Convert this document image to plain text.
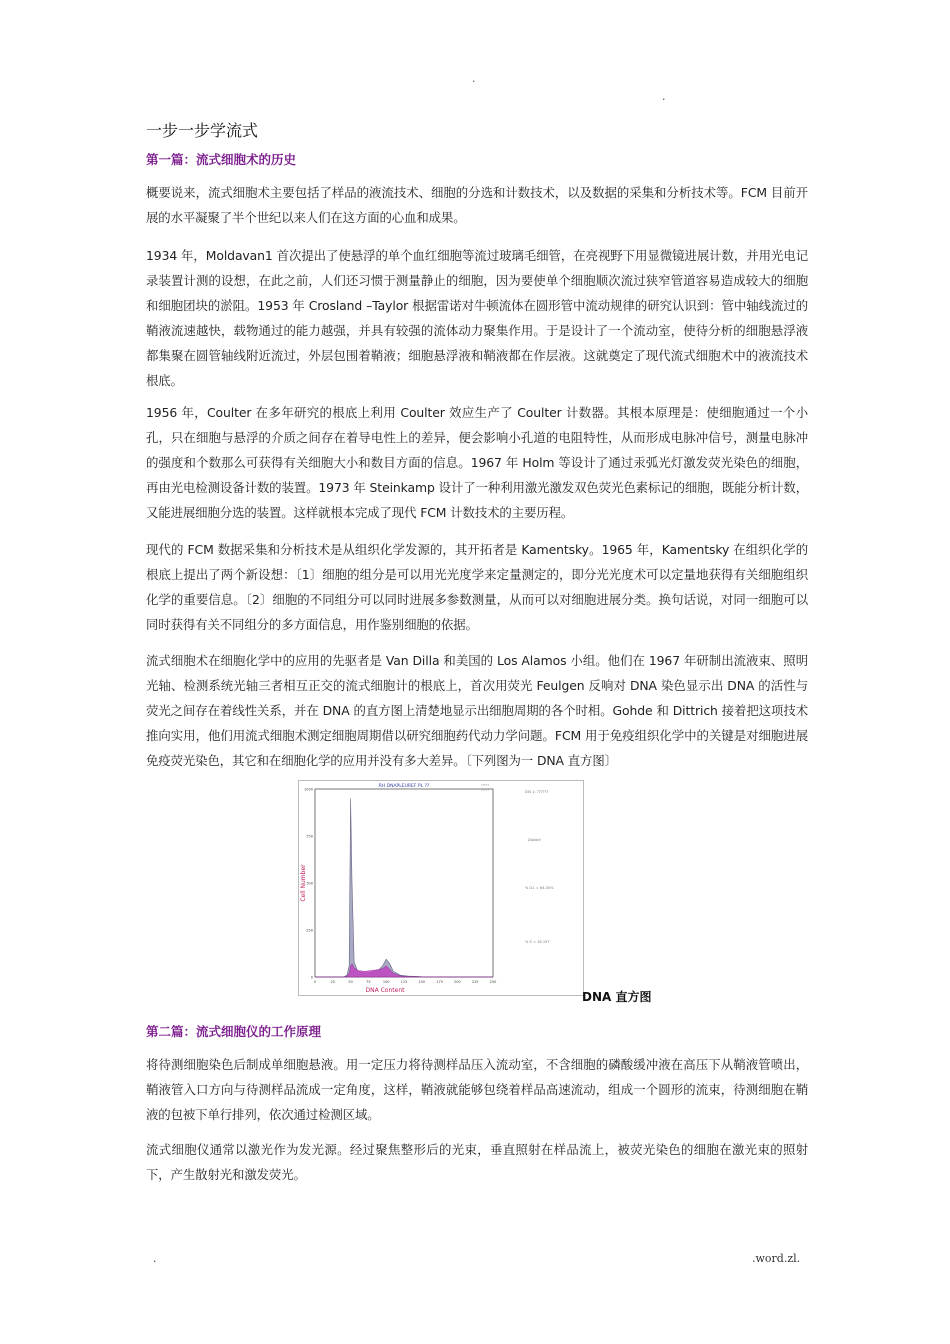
.
.
一步一步学流式
第一篇：流式细胞术的历史

概要说来，流式细胞术主要包括了样品的液流技术、细胞的分选和计数技术，以及数据的采集和分析技术等。FCM 目前开展的水平凝聚了半个世纪以来人们在这方面的心血和成果。

1934 年，Moldavan1 首次提出了使悬浮的单个血红细胞等流过玻璃毛细管，在亮视野下用显微镜进展计数，并用光电记录装置计测的设想，在此之前，人们还习惯于测量静止的细胞，因为要使单个细胞顺次流过狭窄管道容易造成较大的细胞和细胞团块的淤阻。1953 年 Crosland –Taylor 根据雷诺对牛顿流体在圆形管中流动规律的研究认识到：管中轴线流过的鞘液流速越快，载物通过的能力越强，并具有较强的流体动力聚集作用。于是设计了一个流动室，使待分析的细胞悬浮液都集聚在圆管轴线附近流过，外层包围着鞘液；细胞悬浮液和鞘液都在作层液。这就奠定了现代流式细胞术中的液流技术根底。

1956 年，Coulter 在多年研究的根底上利用 Coulter 效应生产了 Coulter 计数器。其根本原理是：使细胞通过一个小孔，只在细胞与悬浮的介质之间存在着导电性上的差异，便会影响小孔道的电阻特性，从而形成电脉冲信号，测量电脉冲的强度和个数那么可获得有关细胞大小和数目方面的信息。1967 年 Holm 等设计了通过汞弧光灯激发荧光染色的细胞，再由光电检测设备计数的装置。1973 年 Steinkamp 设计了一种利用激光激发双色荧光色素标记的细胞，既能分析计数，又能进展细胞分选的装置。这样就根本完成了现代 FCM 计数技术的主要历程。

现代的 FCM 数据采集和分析技术是从组织化学发源的，其开拓者是 Kamentsky。1965 年，Kamentsky 在组织化学的根底上提出了两个新设想：〔1〕细胞的组分是可以用光光度学来定量测定的，即分光光度术可以定量地获得有关细胞组织化学的重要信息。〔2〕细胞的不同组分可以同时进展多参数测量，从而可以对细胞进展分类。换句话说，对同一细胞可以同时获得有关不同组分的多方面信息，用作鉴别细胞的依据。

流式细胞术在细胞化学中的应用的先驱者是 Van Dilla 和美国的 Los Alamos 小组。他们在 1967 年研制出流液束、照明光轴、检测系统光轴三者相互正交的流式细胞计的根底上，首次用荧光 Feulgen 反响对 DNA 染色显示出 DNA 的活性与荧光之间存在着线性关系，并在 DNA 的直方图上清楚地显示出细胞周期的各个时相。Gohde 和 Dittrich 接着把这项技术推向实用，他们用流式细胞术测定细胞周期借以研究细胞药代动力学问题。FCM 用于免疫组织化学中的关键是对细胞进展免疫荧光染色，其它和在细胞化学的应用并没有多大差异。〔下列图为一 DNA 直方图〕

RH DNAPLEUREF PL ??
Cell Number
DNA Content
1000
750
500
250
0
0	25	50	75	100	125	150	175	200	225	250
DIS 1: ??????
Diploid
% G1 = 64.35%
% S = 16.157
?????
?????
DNA 直方图
第二篇：流式细胞仪的工作原理

将待测细胞染色后制成单细胞悬液。用一定压力将待测样品压入流动室，不含细胞的磷酸缓冲液在高压下从鞘液管喷出，鞘液管入口方向与待测样品流成一定角度，这样，鞘液就能够包绕着样品高速流动，组成一个圆形的流束，待测细胞在鞘液的包被下单行排列，依次通过检测区域。

流式细胞仪通常以激光作为发光源。经过聚焦整形后的光束，垂直照射在样品流上，被荧光染色的细胞在激光束的照射下，产生散射光和激发荧光。

.	.word.zl.
